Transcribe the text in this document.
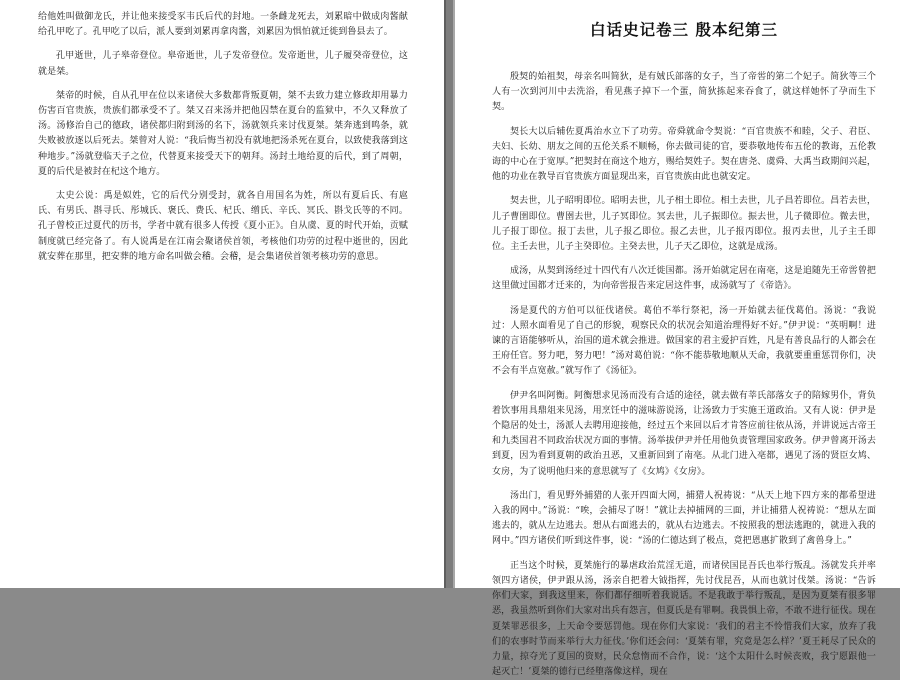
给他姓叫做御龙氏，并让他来接受豕韦氏后代的封地。一条雌龙死去，刘累暗中做成肉酱献给孔甲吃了。孔甲吃了以后，派人要到刘累再拿肉酱，刘累因为惧怕就迁徙到鲁县去了。

孔甲逝世，儿子皋帝登位。皋帝逝世，儿子发帝登位。发帝逝世，儿子履癸帝登位，这就是桀。

桀帝的时候，自从孔甲在位以来诸侯大多数都背叛夏朝，桀不去致力建立修政却用暴力伤害百官贵族，贵族们都承受不了。桀又召来汤并把他囚禁在夏台的监狱中，不久又释放了汤。汤修治自己的德政，诸侯都归附到汤的名下，汤就领兵来讨伐夏桀。桀奔逃到鸣条，就失败被放逐以后死去。桀曾对人说：“我后悔当初没有就地把汤杀死在夏台，以致使我落到这种地步。”汤就登临天子之位，代替夏来接受天下的朝拜。汤封土地给夏的后代，到了周朝，夏的后代是被封在杞这个地方。

太史公说：禹是姒姓，它的后代分别受封，就各自用国名为姓，所以有夏后氏、有扈氏、有男氏、斟寻氏、彤城氏、褒氏、费氏、杞氏、缯氏、辛氏、冥氏、斟戈氏等的不同。孔子曾校正过夏代的历书，学者中就有很多人传授《夏小正》。自从虞、夏的时代开始，贡赋制度就已经完备了。有人说禹是在江南会聚诸侯首领，考核他们功劳的过程中逝世的，因此就安葬在那里，把安葬的地方命名叫做会稽。会稽，是会集诸侯首领考核功劳的意思。

白话史记卷三 殷本纪第三

殷契的始祖契，母亲名叫简狄，是有娀氏部落的女子，当了帝喾的第二个妃子。简狄等三个人有一次到河川中去洗浴，看见燕子掉下一个蛋，简狄拣起来吞食了，就这样她怀了孕而生下契。

契长大以后辅佐夏禹治水立下了功劳。帝舜就命令契说：“百官贵族不和睦，父子、君臣、夫妇、长幼、朋友之间的五伦关系不顺畅，你去做司徒的官，要恭敬地传布五伦的教诲，五伦教诲的中心在于宽厚。”把契封在商这个地方，赐给契姓子。契在唐尧、虞舜、大禹当政期间兴起，他的功业在教导百官贵族方面显现出来，百官贵族由此也就安定。

契去世，儿子昭明即位。昭明去世，儿子相土即位。相土去世，儿子昌若即位。昌若去世，儿子曹圉即位。曹圉去世，儿子冥即位。冥去世，儿子振即位。振去世，儿子微即位。微去世，儿子报丁即位。报丁去世，儿子报乙即位。报乙去世，儿子报丙即位。报丙去世，儿子主壬即位。主壬去世，儿子主癸即位。主癸去世，儿子天乙即位，这就是成汤。

成汤，从契到汤经过十四代有八次迁徙国都。汤开始就定居在南亳，这是追随先王帝喾曾把这里做过国都才迁来的，为向帝喾报告来定居这件事，成汤就写了《帝诰》。

汤是夏代的方伯可以征伐诸侯。葛伯不举行祭祀，汤一开始就去征伐葛伯。汤说：“我说过：人照水面看见了自己的形貌，观察民众的状况会知道治理得好不好。”伊尹说：“英明啊！进谏的言语能够听从，治国的道术就会推进。做国家的君主爱护百姓，凡是有善良品行的人都会在王府任官。努力吧，努力吧！”汤对葛伯说：“你不能恭敬地顺从天命，我就要重重惩罚你们，决不会有半点宽赦。”就写作了《汤征》。

伊尹名叫阿衡。阿衡想求见汤而没有合适的途径，就去做有莘氏部落女子的陪嫁男仆，背负着饮事用具鼎俎来见汤，用烹饪中的滋味游说汤，让汤致力于实施王道政治。又有人说：伊尹是个隐居的处士，汤派人去聘用迎接他，经过五个来回以后才肯答应前往依从汤，并讲说远古帝王和九类国君不同政治状况方面的事情。汤举拔伊尹并任用他负责管理国家政务。伊尹曾离开汤去到夏，因为看到夏朝的政治丑恶，又重新回到了南亳。从北门进入亳都，遇见了汤的贤臣女鸠、女房，为了说明他归来的意思就写了《女鸠》《女房》。

汤出门，看见野外捕猎的人张开四面大网，捕猎人祝祷说：“从天上地下四方来的都希望进入我的网中。”汤说：“唉，会捕尽了呀！”就让去掉捕网的三面，并让捕猎人祝祷说：“想从左面逃去的，就从左边逃去。想从右面逃去的，就从右边逃去。不按照我的想法逃跑的，就进入我的网中。”四方诸侯们听到这件事，说：“汤的仁德达到了极点，竟把恩惠扩散到了禽兽身上。”

正当这个时候，夏桀施行的暴虐政治荒淫无道，而诸侯国昆吾氏也举行叛乱。汤就发兵并率领四方诸侯，伊尹跟从汤，汤亲自把着大钺指挥，先讨伐昆吾，从而也就讨伐桀。汤说：“告诉你们大家，到我这里来，你们都仔细听着我说话。不是我敢于举行叛乱，是因为夏桀有很多罪恶，我虽然听到你们大家对出兵有怨言，但夏氏是有罪啊。我畏惧上帝，不敢不进行征伐。现在夏桀罪恶很多，上天命令要惩罚他。现在你们大家说：‘我们的君主不怜惜我们大家，放弃了我们的农事时节而来举行大力征伐。’你们还会问：‘夏桀有罪，究竟是怎么样？’夏王耗尽了民众的力量，掠夺光了夏国的资财，民众怠惰而不合作，说：‘这个太阳什么时候丧败，我宁愿跟他一起灭亡！’夏桀的德行已经堕落像这样，现在
